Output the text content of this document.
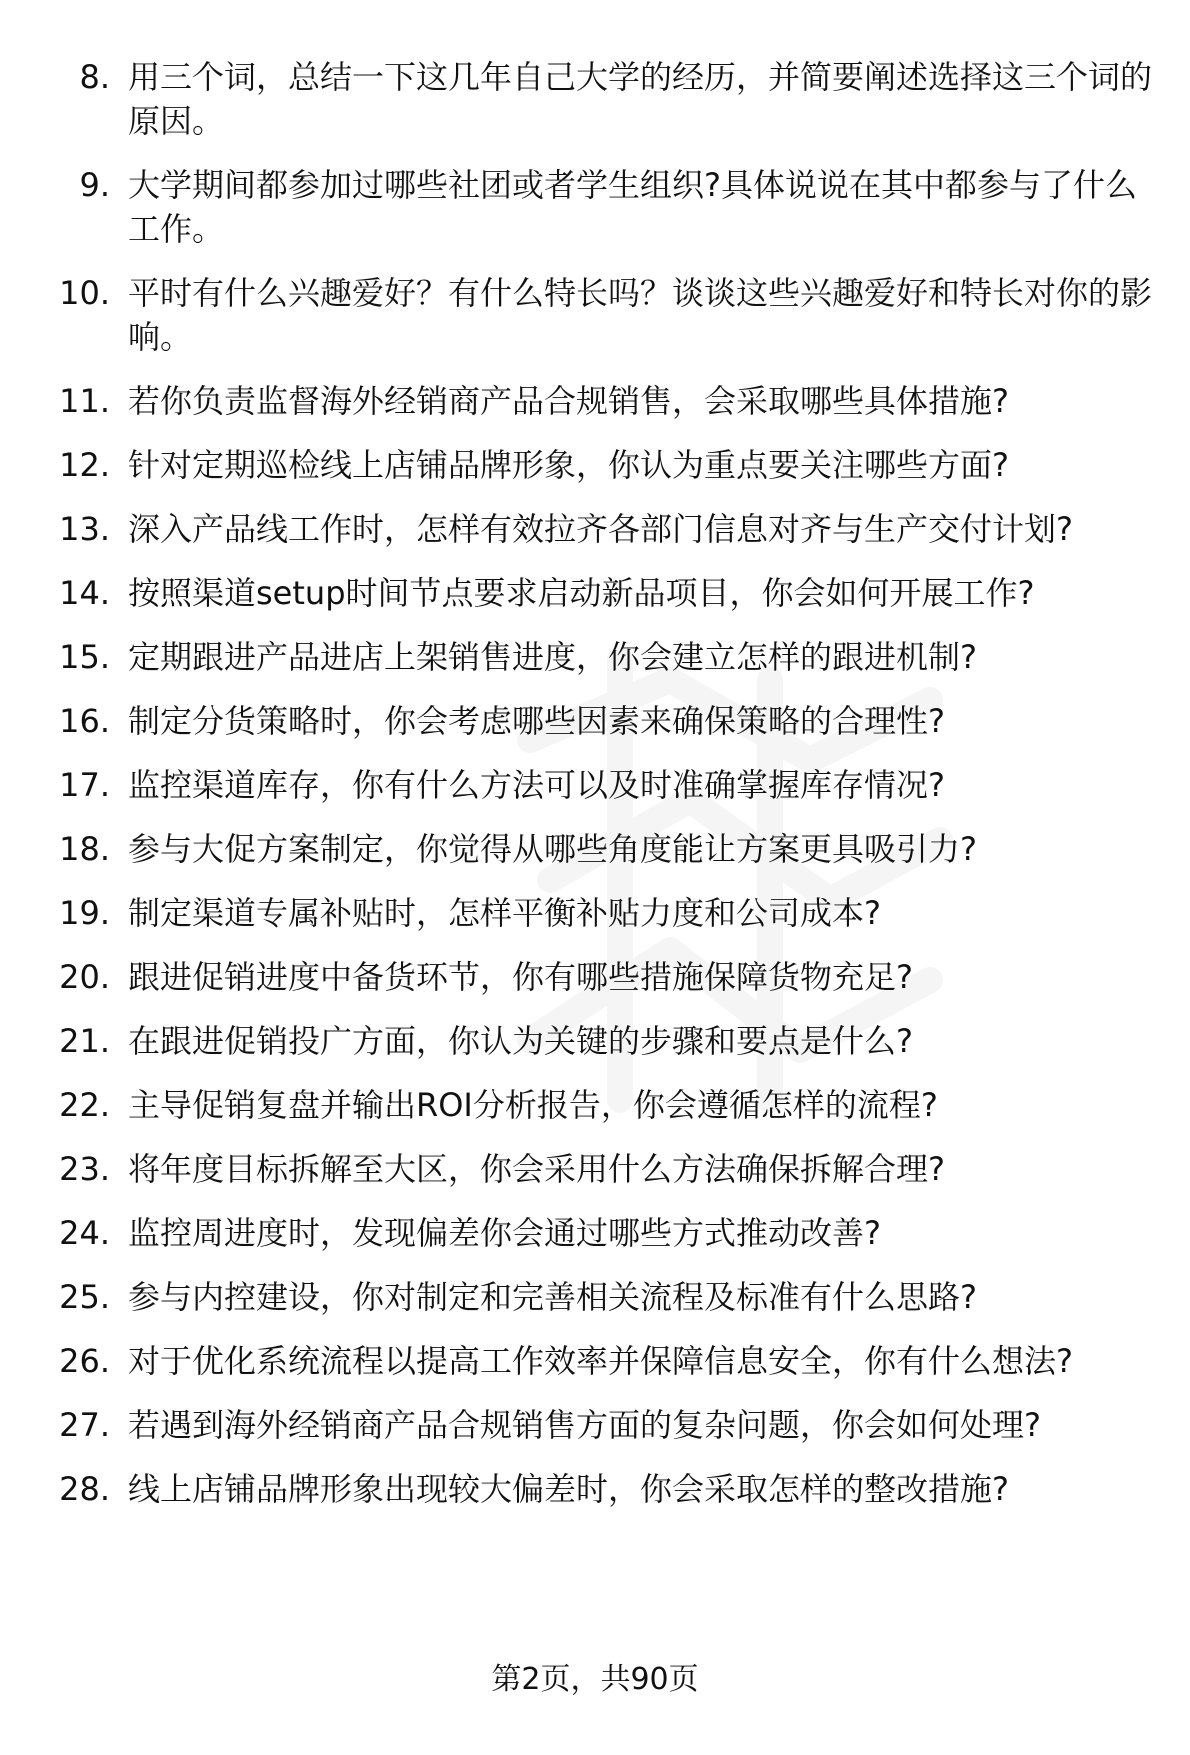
8. 用三个词，总结一下这几年自己大学的经历，并简要阐述选择这三个词的原因。
9. 大学期间都参加过哪些社团或者学生组织?具体说说在其中都参与了什么工作。
10. 平时有什么兴趣爱好？有什么特长吗？谈谈这些兴趣爱好和特长对你的影响。
11. 若你负责监督海外经销商产品合规销售，会采取哪些具体措施?
12. 针对定期巡检线上店铺品牌形象，你认为重点要关注哪些方面?
13. 深入产品线工作时，怎样有效拉齐各部门信息对齐与生产交付计划?
14. 按照渠道setup时间节点要求启动新品项目，你会如何开展工作?
15. 定期跟进产品进店上架销售进度，你会建立怎样的跟进机制?
16. 制定分货策略时，你会考虑哪些因素来确保策略的合理性?
17. 监控渠道库存，你有什么方法可以及时准确掌握库存情况?
18. 参与大促方案制定，你觉得从哪些角度能让方案更具吸引力?
19. 制定渠道专属补贴时，怎样平衡补贴力度和公司成本?
20. 跟进促销进度中备货环节，你有哪些措施保障货物充足?
21. 在跟进促销投广方面，你认为关键的步骤和要点是什么?
22. 主导促销复盘并输出ROI分析报告，你会遵循怎样的流程?
23. 将年度目标拆解至大区，你会采用什么方法确保拆解合理?
24. 监控周进度时，发现偏差你会通过哪些方式推动改善?
25. 参与内控建设，你对制定和完善相关流程及标准有什么思路?
26. 对于优化系统流程以提高工作效率并保障信息安全，你有什么想法?
27. 若遇到海外经销商产品合规销售方面的复杂问题，你会如何处理?
28. 线上店铺品牌形象出现较大偏差时，你会采取怎样的整改措施?
第2页，共90页
